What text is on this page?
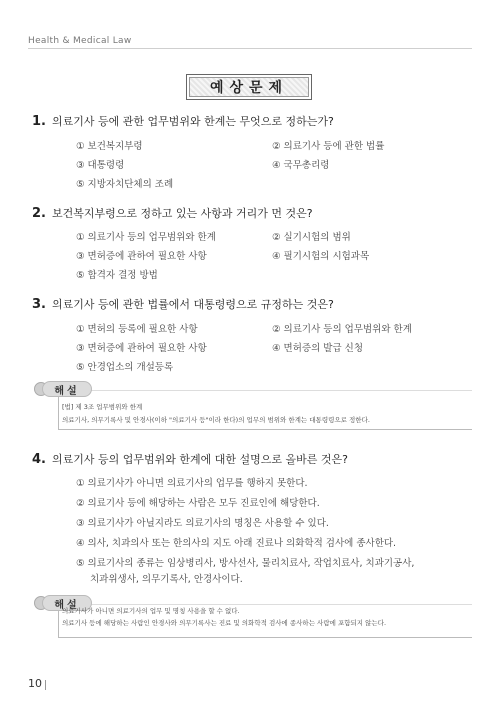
Health & Medical Law
예상문제
1. 의료기사 등에 관한 업무범위와 한계는 무엇으로 정하는가?
① 보건복지부령	② 의료기사 등에 관한 법률
③ 대통령령	④ 국무총리령
⑤ 지방자치단체의 조례
2. 보건복지부령으로 정하고 있는 사항과 거리가 먼 것은?
① 의료기사 등의 업무범위와 한계	② 실기시험의 범위
③ 면허증에 관하여 필요한 사항	④ 필기시험의 시험과목
⑤ 합격자 결정 방법
3. 의료기사 등에 관한 법률에서 대통령령으로 규정하는 것은?
① 면허의 등록에 필요한 사항	② 의료기사 등의 업무범위와 한계
③ 면허증에 관하여 필요한 사항	④ 면허증의 발급 신청
⑤ 안경업소의 개설등록
해설
[법] 제 3조 업무범위와 한계
의료기사, 의무기록사 및 안경사(이하 "의료기사 등"이라 한다)의 업무의 범위와 한계는 대통령령으로 정한다.
4. 의료기사 등의 업무범위와 한계에 대한 설명으로 올바른 것은?
① 의료기사가 아니면 의료기사의 업무를 행하지 못한다.
② 의료기사 등에 해당하는 사람은 모두 진료인에 해당한다.
③ 의료기사가 아닐지라도 의료기사의 명칭은 사용할 수 있다.
④ 의사, 치과의사 또는 한의사의 지도 아래 진료나 의화학적 검사에 종사한다.
⑤ 의료기사의 종류는 임상병리사, 방사선사, 물리치료사, 작업치료사, 치과기공사,
치과위생사, 의무기록사, 안경사이다.
해설
의료기사가 아니면 의료기사의 업무 및 명칭 사용을 할 수 없다.
의료기사 등에 해당하는 사람인 안경사와 의무기록사는 진료 및 의화학적 검사에 종사하는 사람에 포함되지 않는다.
10
